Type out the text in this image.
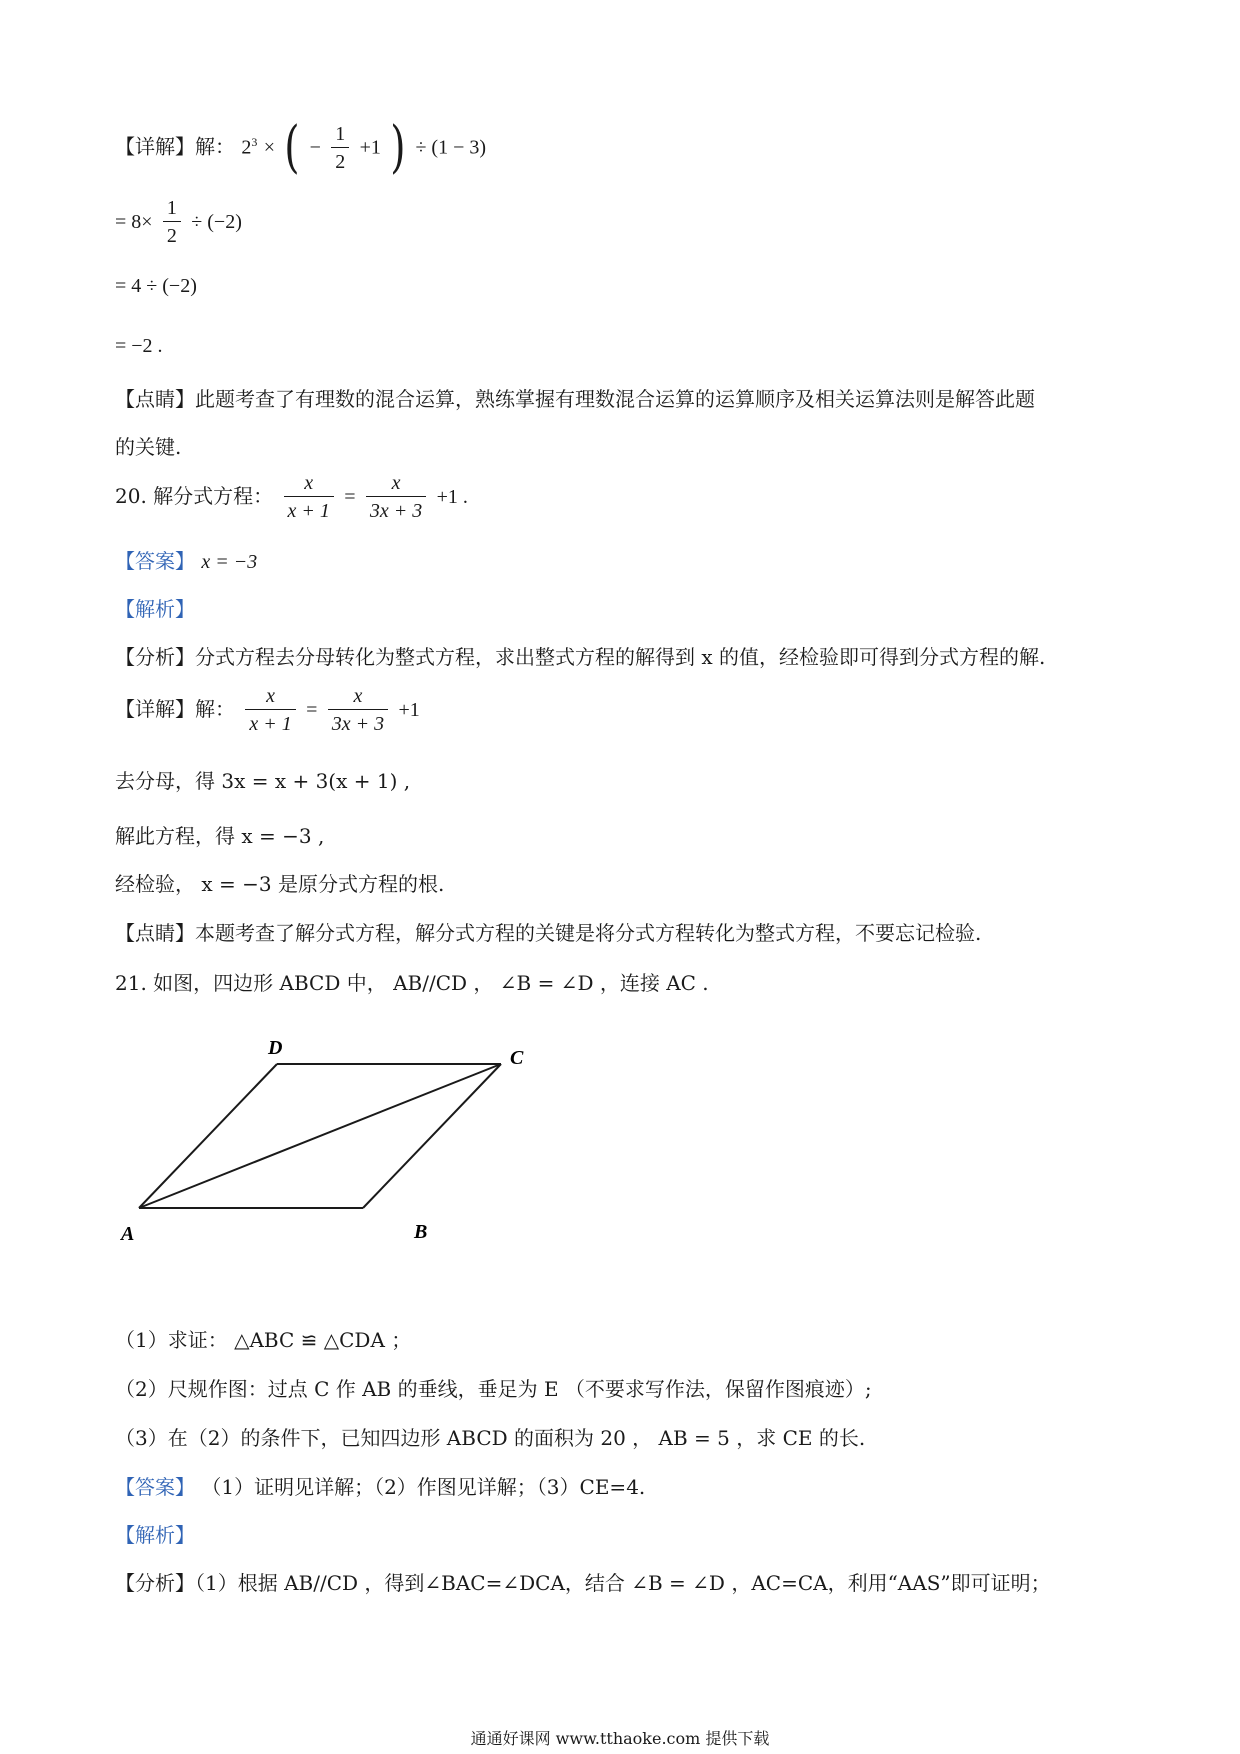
【详解】解： $2^3$ × ( − $\frac{1}{2} +1$ ) ÷ (1 − 3)
= $8\times \frac{1}{2} \div (-2)$
= 4 ÷ (−2)
= −2 .
【点睛】此题考查了有理数的混合运算，熟练掌握有理数混合运算的运算顺序及相关运算法则是解答此题
的关键.
20. 解分式方程： $\frac{x}{x + 1} = \frac{x}{3x + 3} +1$ .
【答案】 x = −3
【解析】
【分析】分式方程去分母转化为整式方程，求出整式方程的解得到 x 的值，经检验即可得到分式方程的解.
【详解】解： $\frac{x}{x + 1} = \frac{x}{3x + 3} +1$
去分母，得 3x = x + 3(x + 1) ,
解此方程，得 x = −3 ,
经检验， x = −3 是原分式方程的根.
【点睛】本题考查了解分式方程，解分式方程的关键是将分式方程转化为整式方程，不要忘记检验.
21. 如图，四边形 ABCD 中， AB//CD ， ∠B = ∠D ，连接 AC .
A	B
C
D
（1）求证： △ABC ≌ △CDA ；
（2）尺规作图：过点 C 作 AB 的垂线，垂足为 E （不要求写作法，保留作图痕迹）;
（3）在（2）的条件下，已知四边形 ABCD 的面积为 20 ， AB = 5 ，求 CE 的长.
【答案】 （1）证明见详解；（2）作图见详解；（3）CE=4.
【解析】
【分析】（1）根据 AB//CD ，得到∠BAC=∠DCA，结合 ∠B = ∠D ，AC=CA，利用“AAS”即可证明；
通通好课网 www.tthaoke.com 提供下载
